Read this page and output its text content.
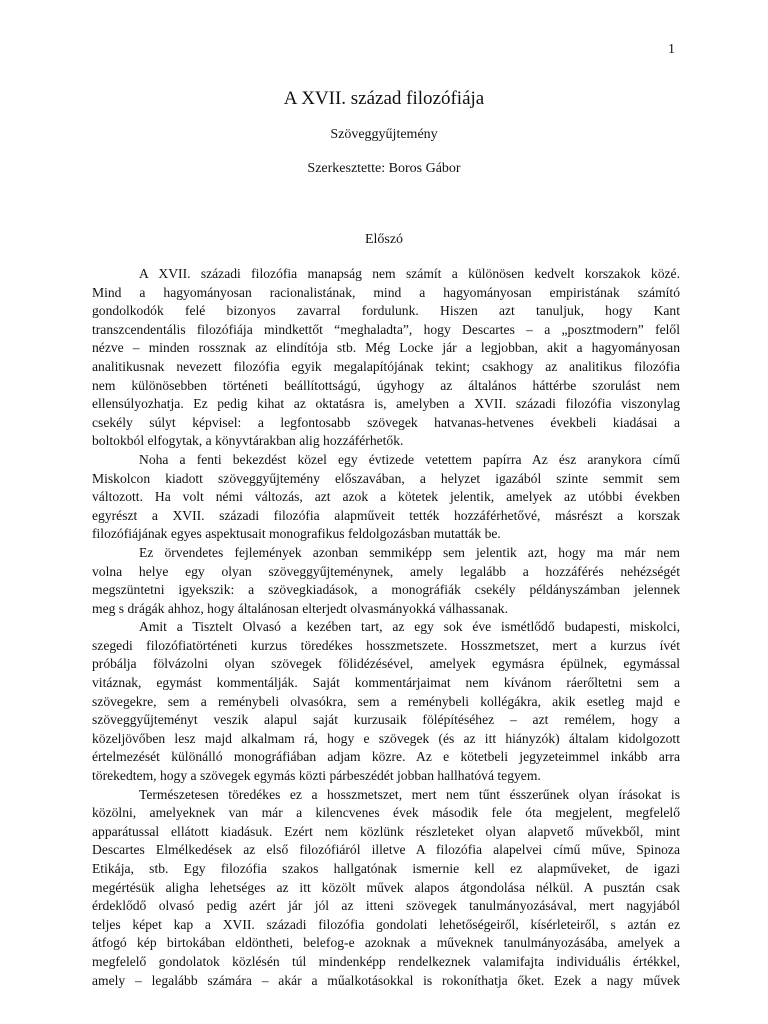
1
A XVII. század filozófiája
Szöveggyűjtemény
Szerkesztette: Boros Gábor
Előszó
A XVII. századi filozófia manapság nem számít a különösen kedvelt korszakok közé.
Mind a hagyományosan racionalistának, mind a hagyományosan empiristának számító
gondolkodók felé bizonyos zavarral fordulunk. Hiszen azt tanuljuk, hogy Kant
transzcendentális filozófiája mindkettőt “meghaladta”, hogy Descartes – a „posztmodern” felől
nézve – minden rossznak az elindítója stb. Még Locke jár a legjobban, akit a hagyományosan
analitikusnak nevezett filozófia egyik megalapítójának tekint; csakhogy az analitikus filozófia
nem különösebben történeti beállítottságú, úgyhogy az általános háttérbe szorulást nem
ellensúlyozhatja. Ez pedig kihat az oktatásra is, amelyben a XVII. századi filozófia viszonylag
csekély súlyt képvisel: a legfontosabb szövegek hatvanas-hetvenes évekbeli kiadásai a
boltokból elfogytak, a könyvtárakban alig hozzáférhetők.
Noha a fenti bekezdést közel egy évtizede vetettem papírra Az ész aranykora című
Miskolcon kiadott szöveggyűjtemény előszavában, a helyzet igazából szinte semmit sem
változott. Ha volt némi változás, azt azok a kötetek jelentik, amelyek az utóbbi években
egyrészt a XVII. századi filozófia alapműveit tették hozzáférhetővé, másrészt a korszak
filozófiájának egyes aspektusait monografikus feldolgozásban mutatták be.
Ez örvendetes fejlemények azonban semmiképp sem jelentik azt, hogy ma már nem
volna helye egy olyan szöveggyűjteménynek, amely legalább a hozzáférés nehézségét
megszüntetni igyekszik: a szövegkiadások, a monográfiák csekély példányszámban jelennek
meg s drágák ahhoz, hogy általánosan elterjedt olvasmányokká válhassanak.
Amit a Tisztelt Olvasó a kezében tart, az egy sok éve ismétlődő budapesti, miskolci,
szegedi filozófiatörténeti kurzus töredékes hosszmetszete. Hosszmetszet, mert a kurzus ívét
próbálja fölvázolni olyan szövegek fölidézésével, amelyek egymásra épülnek, egymással
vitáznak, egymást kommentálják. Saját kommentárjaimat nem kívánom ráerőltetni sem a
szövegekre, sem a reménybeli olvasókra, sem a reménybeli kollégákra, akik esetleg majd e
szöveggyűjteményt veszik alapul saját kurzusaik fölépítéséhez – azt remélem, hogy a
közeljövőben lesz majd alkalmam rá, hogy e szövegek (és az itt hiányzók) általam kidolgozott
értelmezését különálló monográfiában adjam közre. Az e kötetbeli jegyzeteimmel inkább arra
törekedtem, hogy a szövegek egymás közti párbeszédét jobban hallhatóvá tegyem.
Természetesen töredékes ez a hosszmetszet, mert nem tűnt ésszerűnek olyan írásokat is
közölni, amelyeknek van már a kilencvenes évek második fele óta megjelent, megfelelő
apparátussal ellátott kiadásuk. Ezért nem közlünk részleteket olyan alapvető művekből, mint
Descartes Elmélkedések az első filozófiáról illetve A filozófia alapelvei című műve, Spinoza
Etikája, stb. Egy filozófia szakos hallgatónak ismernie kell ez alapműveket, de igazi
megértésük aligha lehetséges az itt közölt művek alapos átgondolása nélkül. A pusztán csak
érdeklődő olvasó pedig azért jár jól az itteni szövegek tanulmányozásával, mert nagyjából
teljes képet kap a XVII. századi filozófia gondolati lehetőségeiről, kísérleteiről, s aztán ez
átfogó kép birtokában eldöntheti, belefog-e azoknak a műveknek tanulmányozásába, amelyek a
megfelelő gondolatok közlésén túl mindenképp rendelkeznek valamifajta individuális értékkel,
amely – legalább számára – akár a műalkotásokkal is rokoníthatja őket. Ezek a nagy művek
